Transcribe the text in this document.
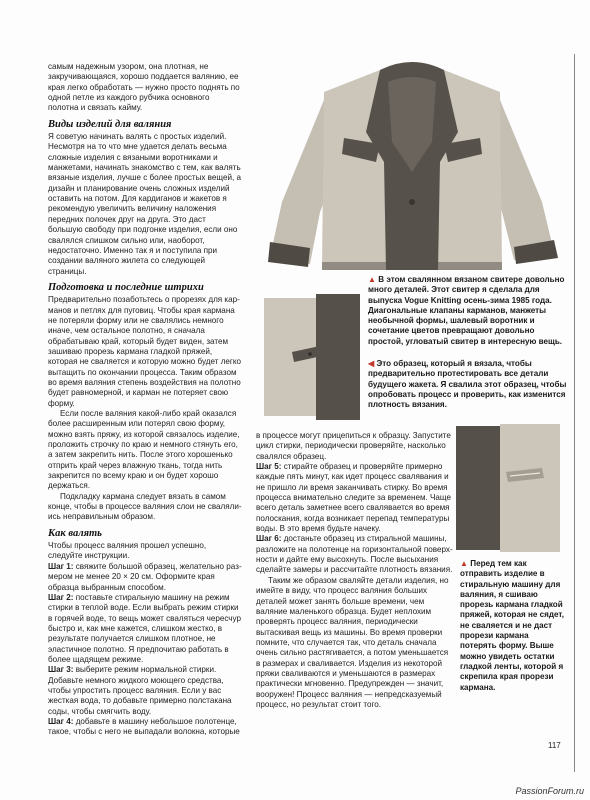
самым надежным узором, она плотная, не закручивающаяся, хорошо поддается валянию, ее края легко обработать — нужно просто поднять по одной петле из каждого рубчика основного полотна и связать кайму.

Виды изделий для валяния

Я советую начинать валять с простых изделий. Несмотря на то что мне удается делать весьма сложные изделия с вязаными воротниками и манжетами, начинать знакомство с тем, как валять вязаные изделия, лучше с более простых вещей, а дизайн и планирование очень сложных изделий оставить на потом. Для кардиганов и жакетов я рекомендую увеличить величину наложения передних полочек друг на друга. Это даст большую свободу при подгонке изделия, если оно свалялся слишком сильно или, наоборот, недостаточно. Именно так я и поступила при создании валяного жилета со следующей страницы.

Подготовка и последние штрихи

Предварительно позаботьтесь о прорезях для карманов и петлях для пуговиц. Чтобы края кармана не потеряли форму или не свалялись немного иначе, чем остальное полотно, я сначала обрабатываю край, который будет виден, затем зашиваю прорезь кармана гладкой пряжей, которая не сваляется и которую можно будет легко вытащить по окончании процесса. Таким образом во время валяния степень воздействия на полотно будет равномерной, и карман не потеряет свою форму.

Если после валяния какой-либо край оказался более расширенным или потерял свою форму, можно взять пряжу, из которой связалось изделие, проложить строчку по краю и немного стянуть его, а затем закрепить нить. После этого хорошенько отприть край через влажную ткань, тогда нить закрепится по всему краю и он будет хорошо держаться.

Подкладку кармана следует вязать в самом конце, чтобы в процессе валяния слои не свалялиись неправильным образом.

Как валять

Чтобы процесс валяния прошел успешно, следуйте инструкции.

Шаг 1: свяжите большой образец, желательно размером не менее 20 × 20 см. Оформите края образца выбранным способом.

Шаг 2: поставьте стиральную машину на режим стирки в теплой воде. Если выбрать режим стирки в горячей воде, то вещь может сваляться чересчур быстро и, как мне кажется, слишком жестко, в результате получается слишком плотное, не эластичное полотно. Я предпочитаю работать в более щадящем режиме.

Шаг 3: выберите режим нормальной стирки. Добавьте немного жидкого моющего средства, чтобы упростить процесс валяния. Если у вас жесткая вода, то добавьте примерно полстакана соды, чтобы смягчить воду.

Шаг 4: добавьте в машину небольшое полотенце, такое, чтобы с него не выпадали волокна, которые

▲ В этом свалянном вязаном свитере довольно много деталей. Этот свитер я сделала для выпуска Vogue Knitting осень-зима 1985 года. Диагональные клапаны карманов, манжеты необычной формы, шалевый воротник и сочетание цветов превращают довольно простой, угловатый свитер в интересную вещь.
◀ Это образец, который я вязала, чтобы предварительно протестировать все детали будущего жакета. Я свалила этот образец, чтобы опробовать процесс и проверить, как изменится плотность вязания.
▲ Перед тем как отправить изделие в стиральную машину для валяния, я сшиваю прорезь кармана гладкой пряжей, которая не сядет, не сваляется и не даст прорези кармана потерять форму. Выше можно увидеть остатки гладкой ленты, которой я скрепила края прорези кармана.

в процессе могут прицепиться к образцу. Запустите цикл стирки, периодически проверяйте, насколько свалялся образец.

Шаг 5: стирайте образец и проверяйте примерно каждые пять минут, как идет процесс свалявания и не пришло ли время заканчивать стирку. Во время процесса внимательно следите за временем. Чаще всего деталь заметнее всего свалявается во время полоскания, когда возникает перепад температуры воды. В это время будьте начеку.

Шаг 6: достаньте образец из стиральной машины, разложите на полотенце на горизонтальной поверхности и дайте ему высохнуть. После высыхания сделайте замеры и рассчитайте плотность вязания.

Таким же образом сваляйте детали изделия, но имейте в виду, что процесс валяния больших деталей может занять больше времени, чем валяние маленького образца. Будет неплохим проверять процесс валяния, периодически вытаскивая вещь из машины. Во время проверки помните, что случается так, что деталь сначала очень сильно растягивается, а потом уменьшается в размерах и сваливается. Изделия из некоторой пряжи сваливаются и уменьшаются в размерах практически мгновенно. Предупрежден — значит, вооружен! Процесс валяния — непредсказуемый процесс, но результат стоит того.

117
PassionForum.ru
